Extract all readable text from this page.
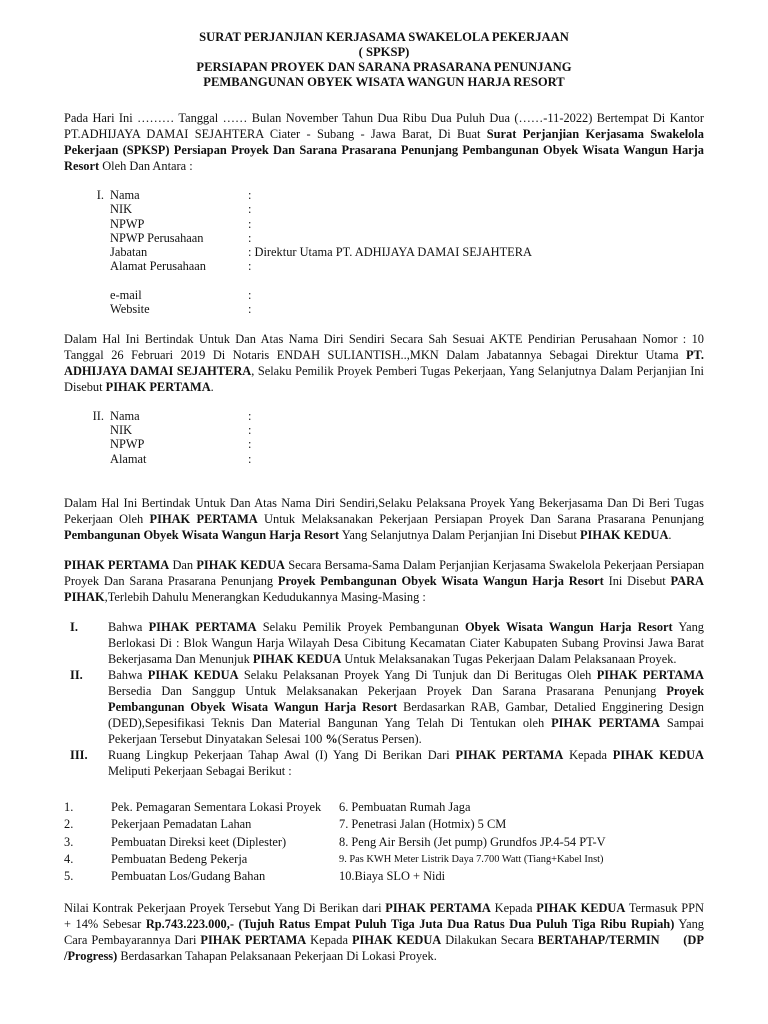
SURAT PERJANJIAN KERJASAMA SWAKELOLA PEKERJAAN
( SPKSP)
PERSIAPAN PROYEK DAN SARANA PRASARANA PENUNJANG
PEMBANGUNAN OBYEK WISATA WANGUN HARJA RESORT

Pada Hari Ini ……… Tanggal …… Bulan November Tahun Dua Ribu Dua Puluh Dua (……-11-2022) Bertempat Di Kantor PT.ADHIJAYA DAMAI SEJAHTERA Ciater - Subang - Jawa Barat, Di Buat Surat Perjanjian Kerjasama Swakelola Pekerjaan (SPKSP) Persiapan Proyek Dan Sarana Prasarana Penunjang Pembangunan Obyek Wisata Wangun Harja Resort Oleh Dan Antara :

I. Nama	:
NIK	:
NPWP	:
NPWP Perusahaan	:
Jabatan	: Direktur Utama PT. ADHIJAYA DAMAI SEJAHTERA
Alamat Perusahaan	:
e-mail	:
Website	:

Dalam Hal Ini Bertindak Untuk Dan Atas Nama Diri Sendiri Secara Sah Sesuai AKTE Pendirian Perusahaan Nomor : 10 Tanggal 26 Februari 2019 Di Notaris ENDAH SULIANTISH..,MKN Dalam Jabatannya Sebagai Direktur Utama PT. ADHIJAYA DAMAI SEJAHTERA, Selaku Pemilik Proyek Pemberi Tugas Pekerjaan, Yang Selanjutnya Dalam Perjanjian Ini Disebut PIHAK PERTAMA.

II. Nama	:
NIK	:
NPWP	:
Alamat	:

Dalam Hal Ini Bertindak Untuk Dan Atas Nama Diri Sendiri,Selaku Pelaksana Proyek Yang Bekerjasama Dan Di Beri Tugas Pekerjaan Oleh PIHAK PERTAMA Untuk Melaksanakan Pekerjaan Persiapan Proyek Dan Sarana Prasarana Penunjang Pembangunan Obyek Wisata Wangun Harja Resort Yang Selanjutnya Dalam Perjanjian Ini Disebut PIHAK KEDUA.

PIHAK PERTAMA Dan PIHAK KEDUA Secara Bersama-Sama Dalam Perjanjian Kerjasama Swakelola Pekerjaan Persiapan Proyek Dan Sarana Prasarana Penunjang Proyek Pembangunan Obyek Wisata Wangun Harja Resort Ini Disebut PARA PIHAK,Terlebih Dahulu Menerangkan Kedudukannya Masing-Masing :

I.	Bahwa PIHAK PERTAMA Selaku Pemilik Proyek Pembangunan Obyek Wisata Wangun Harja Resort Yang Berlokasi Di : Blok Wangun Harja Wilayah Desa Cibitung Kecamatan Ciater Kabupaten Subang Provinsi Jawa Barat Bekerjasama Dan Menunjuk PIHAK KEDUA Untuk Melaksanakan Tugas Pekerjaan Dalam Pelaksanaan Proyek.
II.	Bahwa PIHAK KEDUA Selaku Pelaksanan Proyek Yang Di Tunjuk dan Di Beritugas Oleh PIHAK PERTAMA Bersedia Dan Sanggup Untuk Melaksanakan Pekerjaan Proyek Dan Sarana Prasarana Penunjang Proyek Pembangunan Obyek Wisata Wangun Harja Resort Berdasarkan RAB, Gambar, Detalied Engginering Design (DED),Sepesifikasi Teknis Dan Material Bangunan Yang Telah Di Tentukan oleh PIHAK PERTAMA Sampai Pekerjaan Tersebut Dinyatakan Selesai 100 %(Seratus Persen).
III.	Ruang Lingkup Pekerjaan Tahap Awal (I) Yang Di Berikan Dari PIHAK PERTAMA Kepada PIHAK KEDUA Meliputi Pekerjaan Sebagai Berikut :
1.	Pek. Pemagaran Sementara Lokasi Proyek	6. Pembuatan Rumah Jaga
2.	Pekerjaan Pemadatan Lahan	7. Penetrasi Jalan (Hotmix) 5 CM
3.	Pembuatan Direksi keet (Diplester)	8. Peng Air Bersih (Jet pump) Grundfos JP.4-54 PT-V
4.	Pembuatan Bedeng Pekerja	9. Pas KWH Meter Listrik Daya 7.700 Watt (Tiang+Kabel Inst)
5.	Pembuatan Los/Gudang Bahan	10.Biaya SLO + Nidi

Nilai Kontrak Pekerjaan Proyek Tersebut Yang Di Berikan dari PIHAK PERTAMA Kepada PIHAK KEDUA Termasuk PPN + 14% Sebesar Rp.743.223.000,- (Tujuh Ratus Empat Puluh Tiga Juta Dua Ratus Dua Puluh Tiga Ribu Rupiah) Yang Cara Pembayarannya Dari PIHAK PERTAMA Kepada PIHAK KEDUA Dilakukan Secara BERTAHAP/TERMIN (DP /Progress) Berdasarkan Tahapan Pelaksanaan Pekerjaan Di Lokasi Proyek.
